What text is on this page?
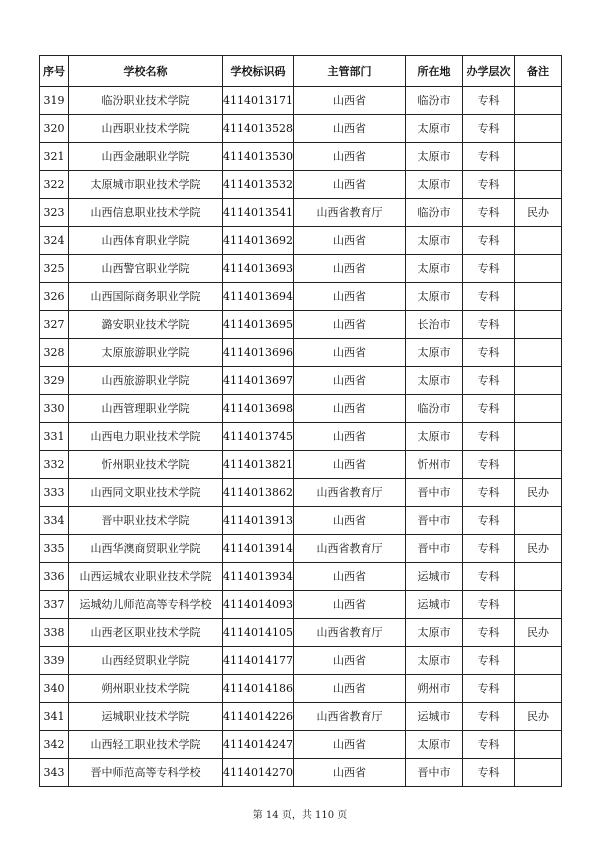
序号	学校名称	学校标识码	主管部门	所在地	办学层次	备注
319	临汾职业技术学院	4114013171	山西省	临汾市	专科	
320	山西职业技术学院	4114013528	山西省	太原市	专科	
321	山西金融职业学院	4114013530	山西省	太原市	专科	
322	太原城市职业技术学院	4114013532	山西省	太原市	专科	
323	山西信息职业技术学院	4114013541	山西省教育厅	临汾市	专科	民办
324	山西体育职业学院	4114013692	山西省	太原市	专科	
325	山西警官职业学院	4114013693	山西省	太原市	专科	
326	山西国际商务职业学院	4114013694	山西省	太原市	专科	
327	潞安职业技术学院	4114013695	山西省	长治市	专科	
328	太原旅游职业学院	4114013696	山西省	太原市	专科	
329	山西旅游职业学院	4114013697	山西省	太原市	专科	
330	山西管理职业学院	4114013698	山西省	临汾市	专科	
331	山西电力职业技术学院	4114013745	山西省	太原市	专科	
332	忻州职业技术学院	4114013821	山西省	忻州市	专科	
333	山西同文职业技术学院	4114013862	山西省教育厅	晋中市	专科	民办
334	晋中职业技术学院	4114013913	山西省	晋中市	专科	
335	山西华澳商贸职业学院	4114013914	山西省教育厅	晋中市	专科	民办
336	山西运城农业职业技术学院	4114013934	山西省	运城市	专科	
337	运城幼儿师范高等专科学校	4114014093	山西省	运城市	专科	
338	山西老区职业技术学院	4114014105	山西省教育厅	太原市	专科	民办
339	山西经贸职业学院	4114014177	山西省	太原市	专科	
340	朔州职业技术学院	4114014186	山西省	朔州市	专科	
341	运城职业技术学院	4114014226	山西省教育厅	运城市	专科	民办
342	山西轻工职业技术学院	4114014247	山西省	太原市	专科	
343	晋中师范高等专科学校	4114014270	山西省	晋中市	专科	
第 14 页，共 110 页
